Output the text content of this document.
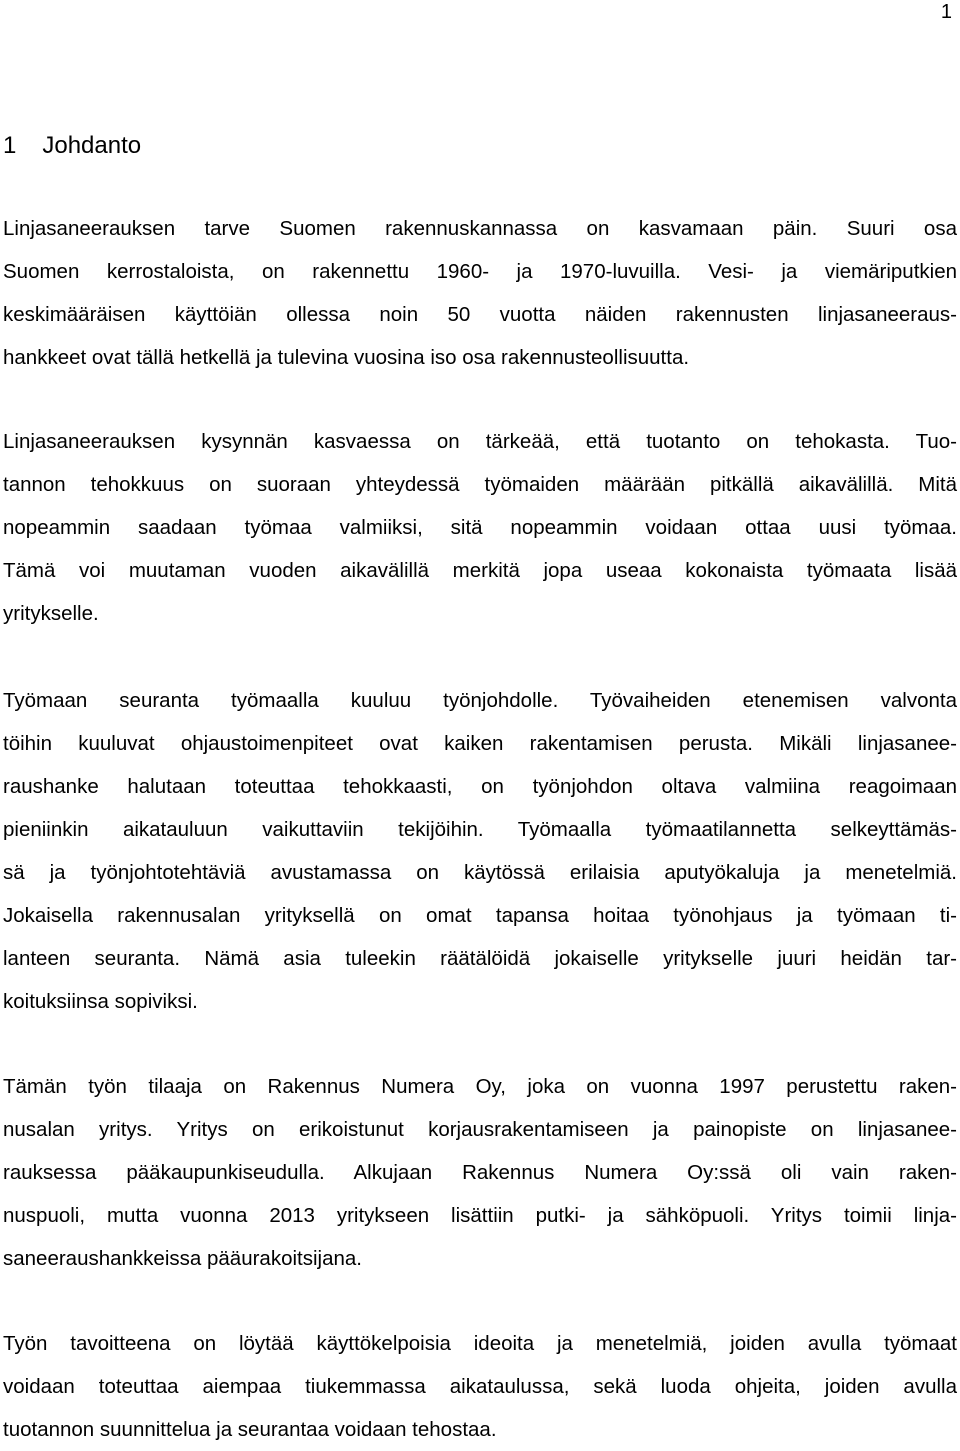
1
1 Johdanto
Linjasaneerauksen tarve Suomen rakennuskannassa on kasvamaan päin. Suuri osa
Suomen kerrostaloista, on rakennettu 1960- ja 1970-luvuilla. Vesi- ja viemäriputkien
keskimääräisen käyttöiän ollessa noin 50 vuotta näiden rakennusten linjasaneeraus-
hankkeet ovat tällä hetkellä ja tulevina vuosina iso osa rakennusteollisuutta.
Linjasaneerauksen kysynnän kasvaessa on tärkeää, että tuotanto on tehokasta. Tuo-
tannon tehokkuus on suoraan yhteydessä työmaiden määrään pitkällä aikavälillä. Mitä
nopeammin saadaan työmaa valmiiksi, sitä nopeammin voidaan ottaa uusi työmaa.
Tämä voi muutaman vuoden aikavälillä merkitä jopa useaa kokonaista työmaata lisää
yritykselle.
Työmaan seuranta työmaalla kuuluu työnjohdolle. Työvaiheiden etenemisen valvonta
töihin kuuluvat ohjaustoimenpiteet ovat kaiken rakentamisen perusta. Mikäli linjasanee-
raushanke halutaan toteuttaa tehokkaasti, on työnjohdon oltava valmiina reagoimaan
pieniinkin aikatauluun vaikuttaviin tekijöihin. Työmaalla työmaatilannetta selkeyttämäs-
sä ja työnjohtotehtäviä avustamassa on käytössä erilaisia aputyökaluja ja menetelmiä.
Jokaisella rakennusalan yrityksellä on omat tapansa hoitaa työnohjaus ja työmaan ti-
lanteen seuranta. Nämä asia tuleekin räätälöidä jokaiselle yritykselle juuri heidän tar-
koituksiinsa sopiviksi.
Tämän työn tilaaja on Rakennus Numera Oy, joka on vuonna 1997 perustettu raken-
nusalan yritys. Yritys on erikoistunut korjausrakentamiseen ja painopiste on linjasanee-
rauksessa pääkaupunkiseudulla. Alkujaan Rakennus Numera Oy:ssä oli vain raken-
nuspuoli, mutta vuonna 2013 yritykseen lisättiin putki- ja sähköpuoli. Yritys toimii linja-
saneeraushankkeissa pääurakoitsijana.
Työn tavoitteena on löytää käyttökelpoisia ideoita ja menetelmiä, joiden avulla työmaat
voidaan toteuttaa aiempaa tiukemmassa aikataulussa, sekä luoda ohjeita, joiden avulla
tuotannon suunnittelua ja seurantaa voidaan tehostaa.
